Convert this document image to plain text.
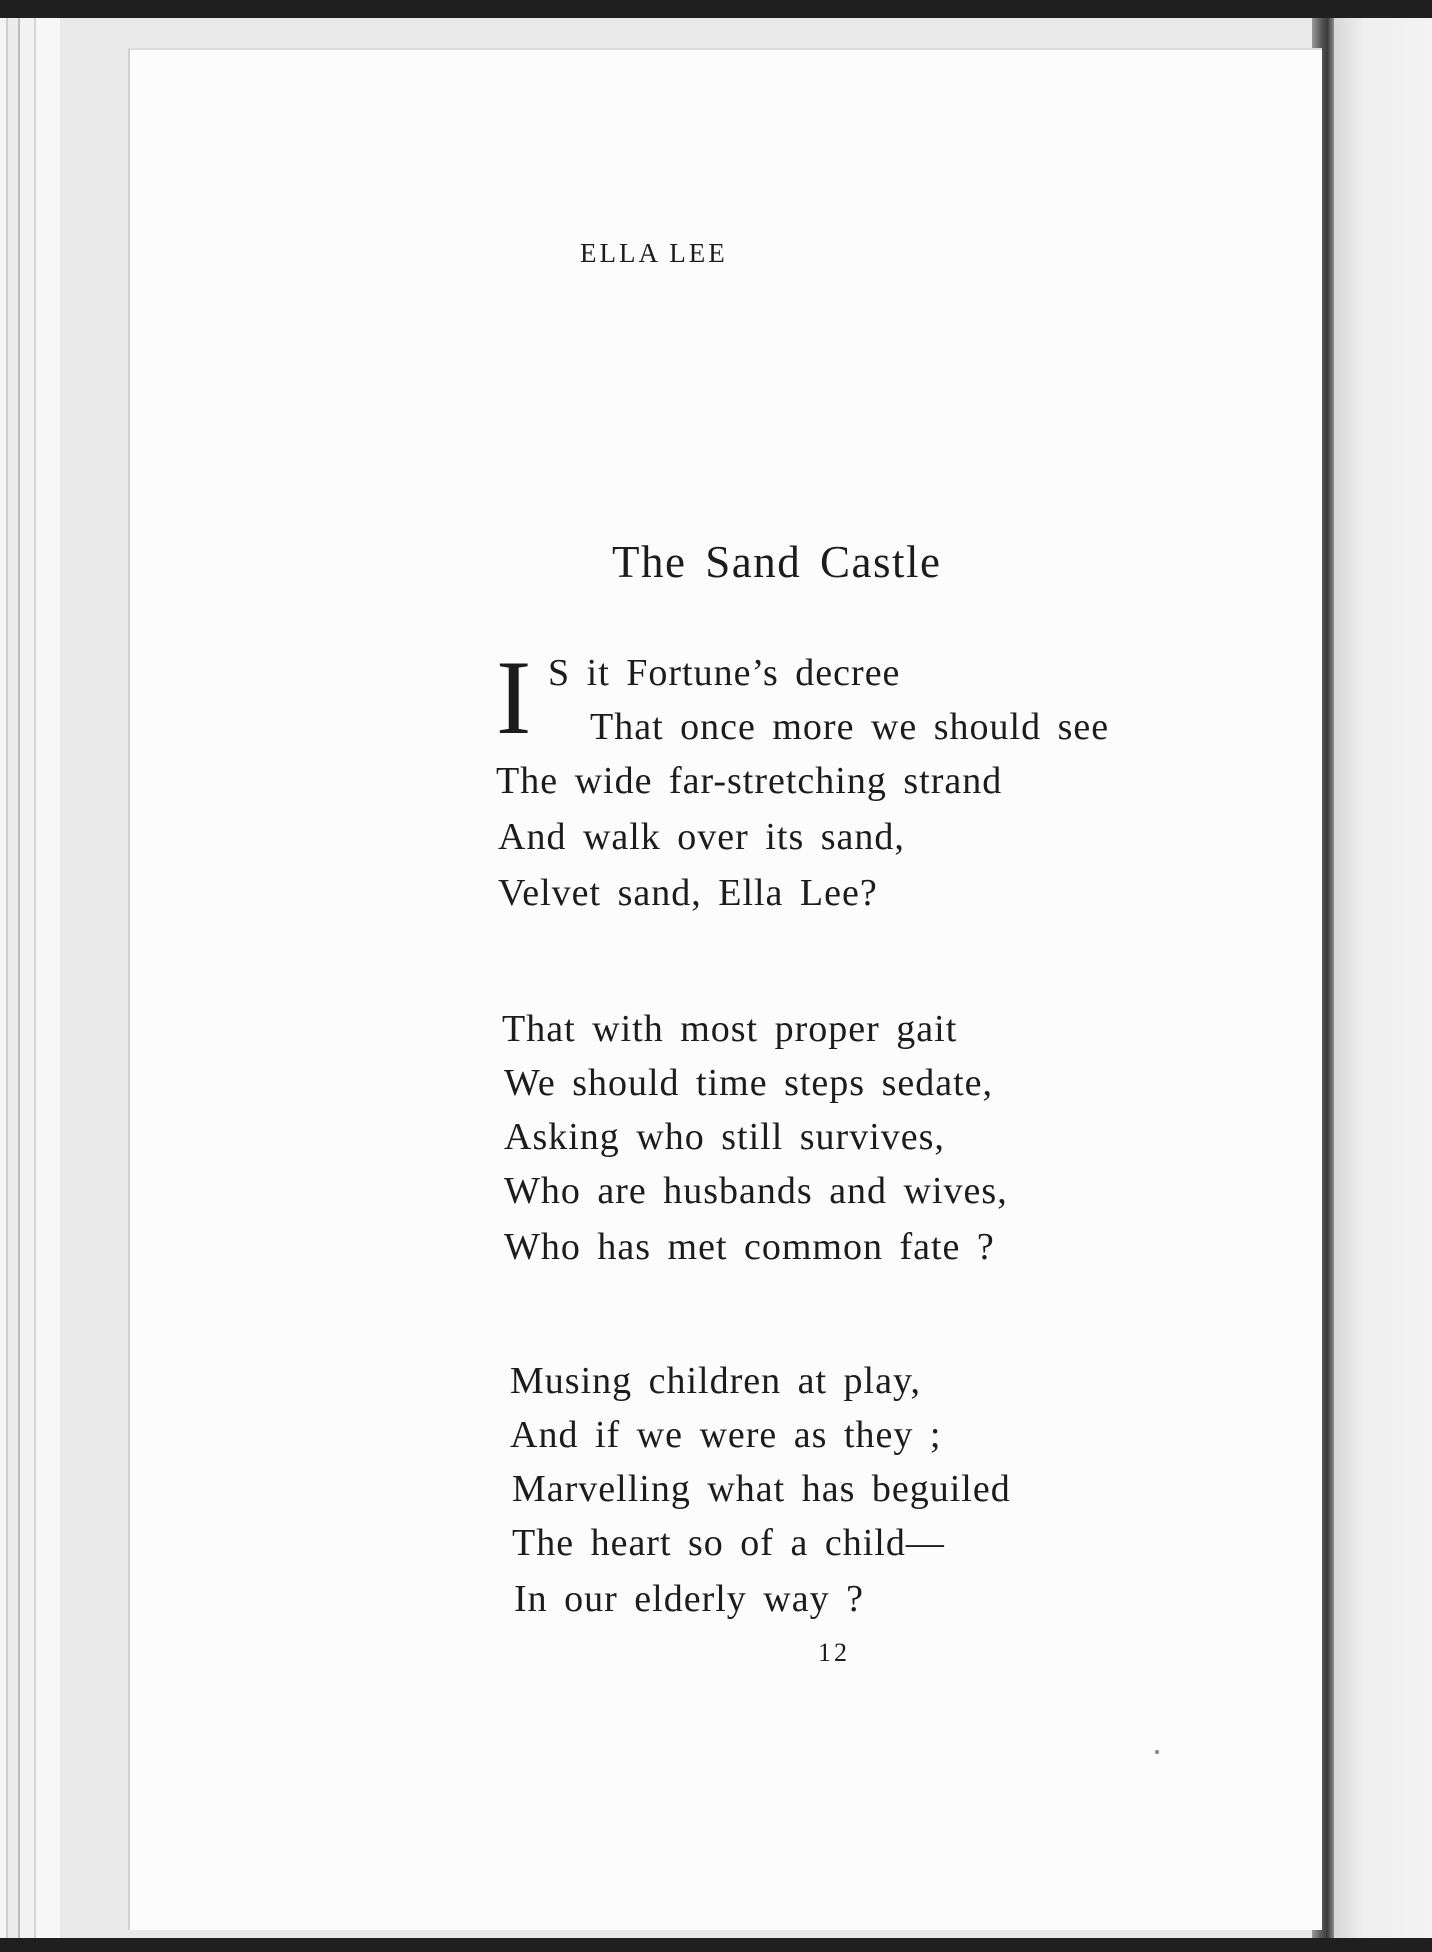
ELLA LEE
The Sand Castle
I S it Fortune’s decree
That once more we should see
The wide far-stretching strand
And walk over its sand,
Velvet sand, Ella Lee?
That with most proper gait
We should time steps sedate,
Asking who still survives,
Who are husbands and wives,
Who has met common fate ?
Musing children at play,
And if we were as they ;
Marvelling what has beguiled
The heart so of a child—
In our elderly way ?
12
